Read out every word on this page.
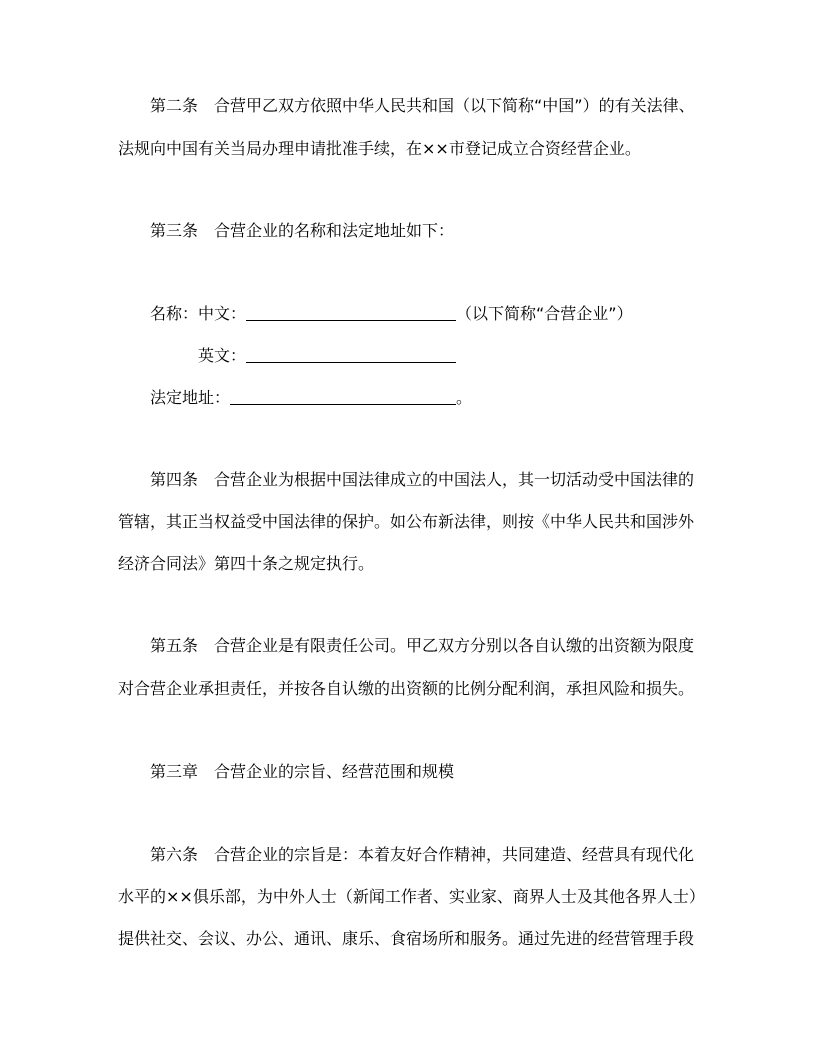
第二条　合营甲乙双方依照中华人民共和国（以下简称“中国”）的有关法律、
法规向中国有关当局办理申请批准手续，在××市登记成立合资经营企业。
第三条　合营企业的名称和法定地址如下：
名称：中文：	（以下简称“合营企业”）
英文：
法定地址：	。
第四条　合营企业为根据中国法律成立的中国法人，其一切活动受中国法律的
管辖，其正当权益受中国法律的保护。如公布新法律，则按《中华人民共和国涉外
经济合同法》第四十条之规定执行。
第五条　合营企业是有限责任公司。甲乙双方分别以各自认缴的出资额为限度
对合营企业承担责任，并按各自认缴的出资额的比例分配利润，承担风险和损失。
第三章　合营企业的宗旨、经营范围和规模
第六条　合营企业的宗旨是：本着友好合作精神，共同建造、经营具有现代化
水平的××俱乐部，为中外人士（新闻工作者、实业家、商界人士及其他各界人士）
提供社交、会议、办公、通讯、康乐、食宿场所和服务。通过先进的经营管理手段
